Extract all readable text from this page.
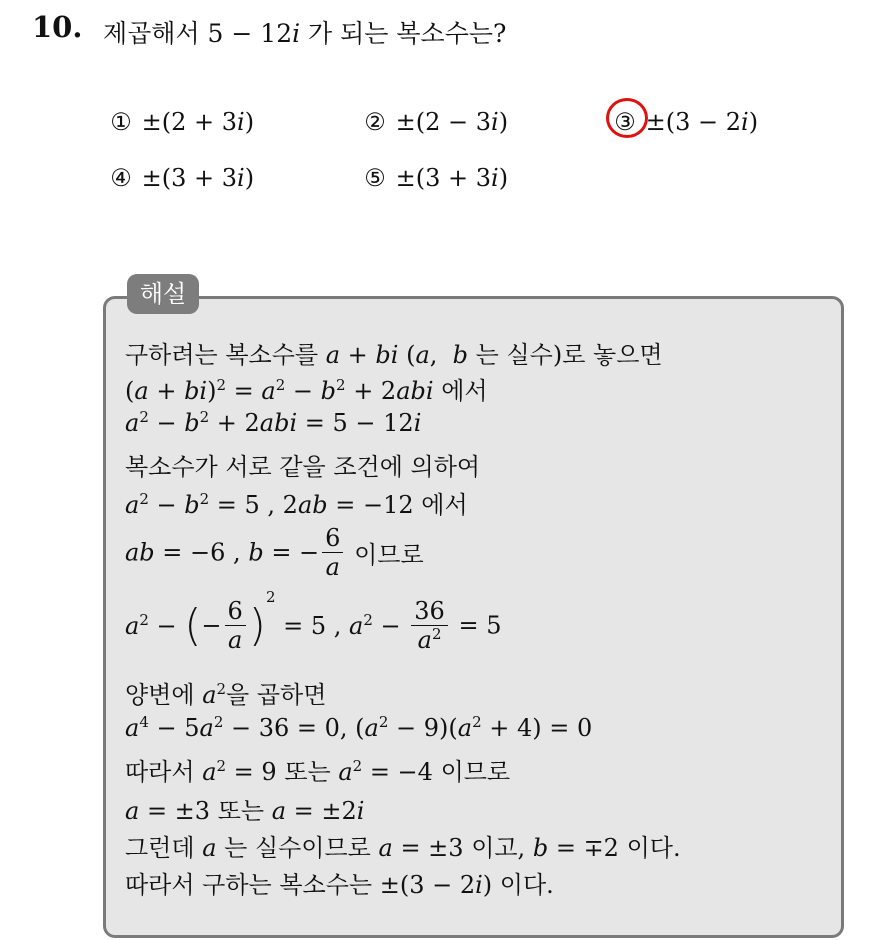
10. 제곱해서 5 − 12i 가 되는 복소수는?
① ±(2 + 3i)	② ±(2 − 3i)	③ ±(3 − 2i)
④ ±(3 + 3i)	⑤ ±(3 + 3i)
해설
구하려는 복소수를 a + bi (a,  b 는 실수)로 놓으면
$(a + bi)^2 = a^2 - b^2 + 2abi$ 에서
$a^2 - b^2 + 2abi = 5 - 12i$
복소수가 서로 같을 조건에 의하여
$a^2 - b^2 = 5$ , 2ab = −12 에서
ab = −6 , b = − $\frac{6}{a}$ 이므로
$a^2$ − (− $\frac{6}{a} )^2 = 5$ , $a^2 - \frac{36}{a^2} = 5$
양변에 $a^2$을 곱하면
$a^4 - 5a^2 - 36 = 0$, $(a^2 - 9)(a^2 + 4) = 0$
따라서 $a^2 = 9$ 또는 $a^2 = -4$ 이므로
a = ±3 또는 a = ±2i
그런데 a 는 실수이므로 a = ±3 이고, b = ∓2 이다.
따라서 구하는 복소수는 ±(3 − 2i) 이다.
